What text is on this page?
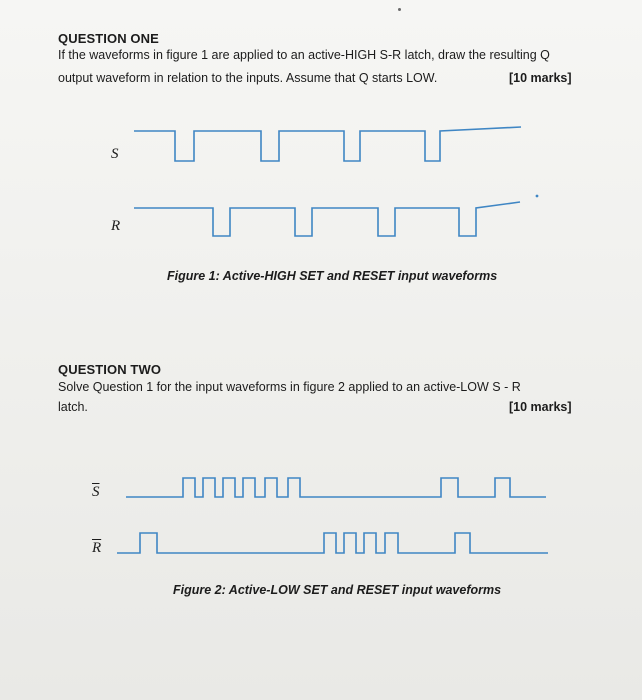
QUESTION ONE
If the waveforms in figure 1 are applied to an active-HIGH S-R latch, draw the resulting Q
output waveform in relation to the inputs. Assume that Q starts LOW.	[10 marks]
S
R
Figure 1: Active-HIGH SET and RESET input waveforms
QUESTION TWO
Solve Question 1 for the input waveforms in figure 2 applied to an active-LOW S - R
latch.	[10 marks]
$\overline{S}$
$\overline{R}$
Figure 2: Active-LOW SET and RESET input waveforms
